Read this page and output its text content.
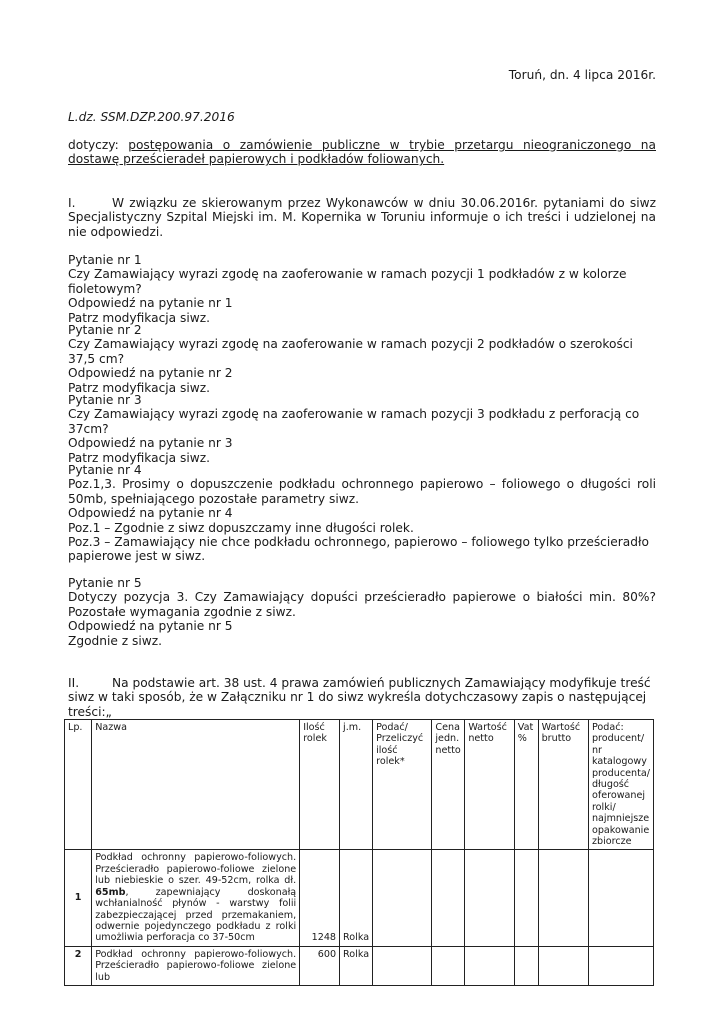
Toruń, dn. 4 lipca 2016r.
L.dz. SSM.DZP.200.97.2016

dotyczy: postępowania o zamówienie publiczne w trybie przetargu nieograniczonego na dostawę prześcieradeł papierowych i podkładów foliowanych.

I.	W związku ze skierowanym przez Wykonawców w dniu 30.06.2016r. pytaniami do siwz Specjalistyczny Szpital Miejski im. M. Kopernika w Toruniu informuje o ich treści i udzielonej na nie odpowiedzi.

Pytanie nr 1

Czy Zamawiający wyrazi zgodę na zaoferowanie w ramach pozycji 1 podkładów z w kolorze fioletowym?

Odpowiedź na pytanie nr 1

Patrz modyfikacja siwz.

Pytanie nr 2

Czy Zamawiający wyrazi zgodę na zaoferowanie w ramach pozycji 2 podkładów o szerokości 37,5 cm?

Odpowiedź na pytanie nr 2

Patrz modyfikacja siwz.

Pytanie nr 3

Czy Zamawiający wyrazi zgodę na zaoferowanie w ramach pozycji 3 podkładu z perforacją co 37cm?

Odpowiedź na pytanie nr 3

Patrz modyfikacja siwz.

Pytanie nr 4

Poz.1,3. Prosimy o dopuszczenie podkładu ochronnego papierowo – foliowego o długości roli 50mb, spełniającego pozostałe parametry siwz.

Odpowiedź na pytanie nr 4

Poz.1 – Zgodnie z siwz dopuszczamy inne długości rolek.

Poz.3 – Zamawiający nie chce podkładu ochronnego, papierowo – foliowego tylko prześcieradło papierowe jest w siwz.

Pytanie nr 5

Dotyczy pozycja 3. Czy Zamawiający dopuści prześcieradło papierowe o białości min. 80%? Pozostałe wymagania zgodnie z siwz.

Odpowiedź na pytanie nr 5

Zgodnie z siwz.

II.	Na podstawie art. 38 ust. 4 prawa zamówień publicznych Zamawiający modyfikuje treść

siwz w taki sposób, że w Załączniku nr 1 do siwz wykreśla dotychczasowy zapis o następującej treści:„

Lp.	Nazwa	Ilość rolek	j.m.	Podać/ Przeliczyć ilość rolek*	Cena jedn. netto	Wartość netto	Vat %	Wartość brutto	Podać: producent/ nr katalogowy producenta/ długość oferowanej rolki/ najmniejsze opakowanie zbiorcze
1	Podkład ochronny papierowo-foliowych. Prześcieradło papierowo-foliowe zielone lub niebieskie o szer. 49-52cm, rolka dł. 65mb, zapewniający doskonałą wchłanialność płynów - warstwy folii zabezpieczającej przed przemakaniem, odwernie pojedynczego podkładu z rolki umożliwia perforacja co 37-50cm	1248	Rolka						
2	Podkład ochronny papierowo-foliowych. Prześcieradło papierowo-foliowe zielone lub	600	Rolka						
